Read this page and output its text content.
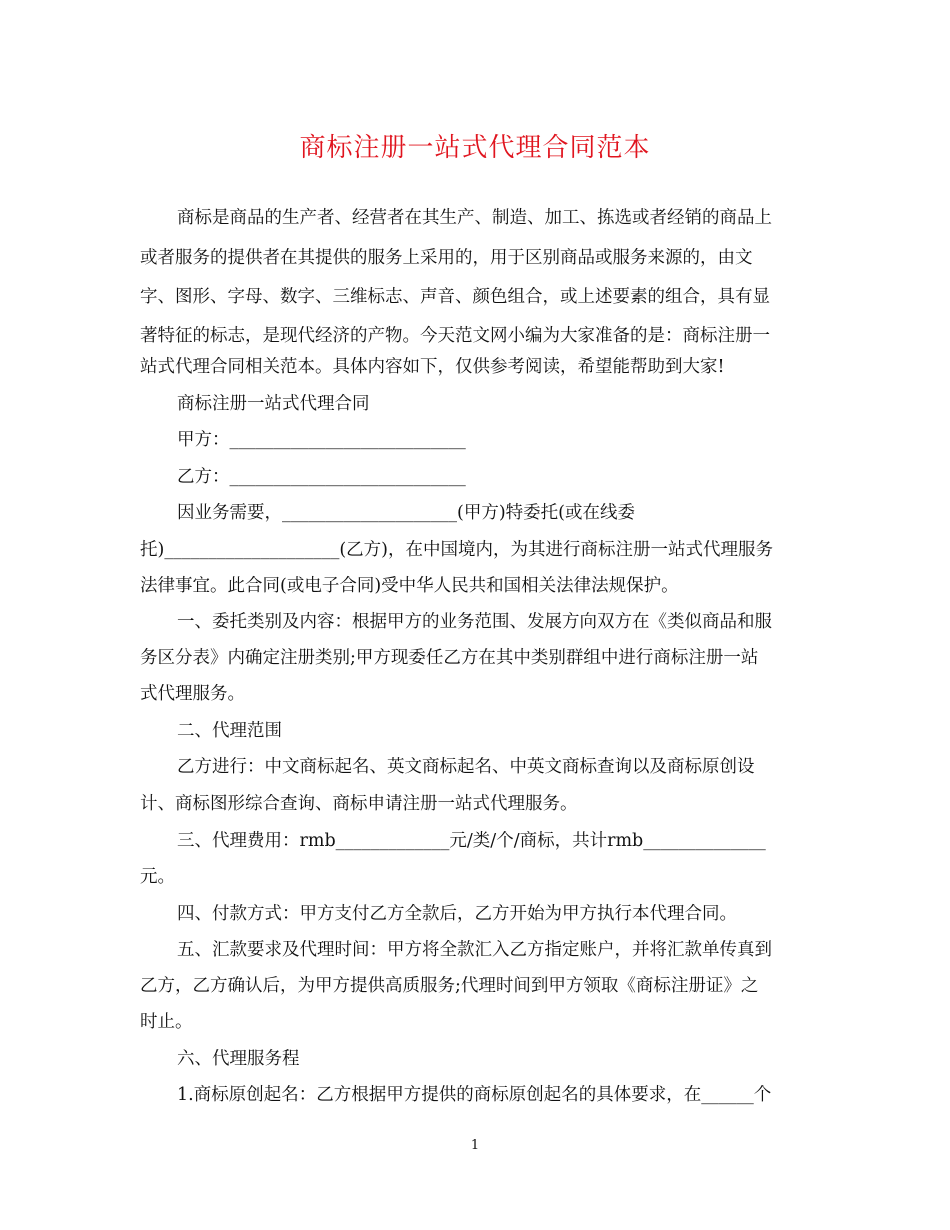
商标注册一站式代理合同范本
商标是商品的生产者、经营者在其生产、制造、加工、拣选或者经销的商品上
或者服务的提供者在其提供的服务上采用的，用于区别商品或服务来源的，由文
字、图形、字母、数字、三维标志、声音、颜色组合，或上述要素的组合，具有显
著特征的标志，是现代经济的产物。今天范文网小编为大家准备的是：商标注册一
站式代理合同相关范本。具体内容如下，仅供参考阅读，希望能帮助到大家!
商标注册一站式代理合同
甲方：___________________________
乙方：___________________________
因业务需要，____________________(甲方)特委托(或在线委
托)____________________(乙方)，在中国境内，为其进行商标注册一站式代理服务
法律事宜。此合同(或电子合同)受中华人民共和国相关法律法规保护。
一、委托类别及内容：根据甲方的业务范围、发展方向双方在《类似商品和服
务区分表》内确定注册类别;甲方现委任乙方在其中类别群组中进行商标注册一站
式代理服务。
二、代理范围
乙方进行：中文商标起名、英文商标起名、中英文商标查询以及商标原创设
计、商标图形综合查询、商标申请注册一站式代理服务。
三、代理费用：rmb_____________元/类/个/商标，共计rmb______________
元。
四、付款方式：甲方支付乙方全款后，乙方开始为甲方执行本代理合同。
五、汇款要求及代理时间：甲方将全款汇入乙方指定账户，并将汇款单传真到
乙方，乙方确认后，为甲方提供高质服务;代理时间到甲方领取《商标注册证》之
时止。
六、代理服务程
1.商标原创起名：乙方根据甲方提供的商标原创起名的具体要求，在______个
1
